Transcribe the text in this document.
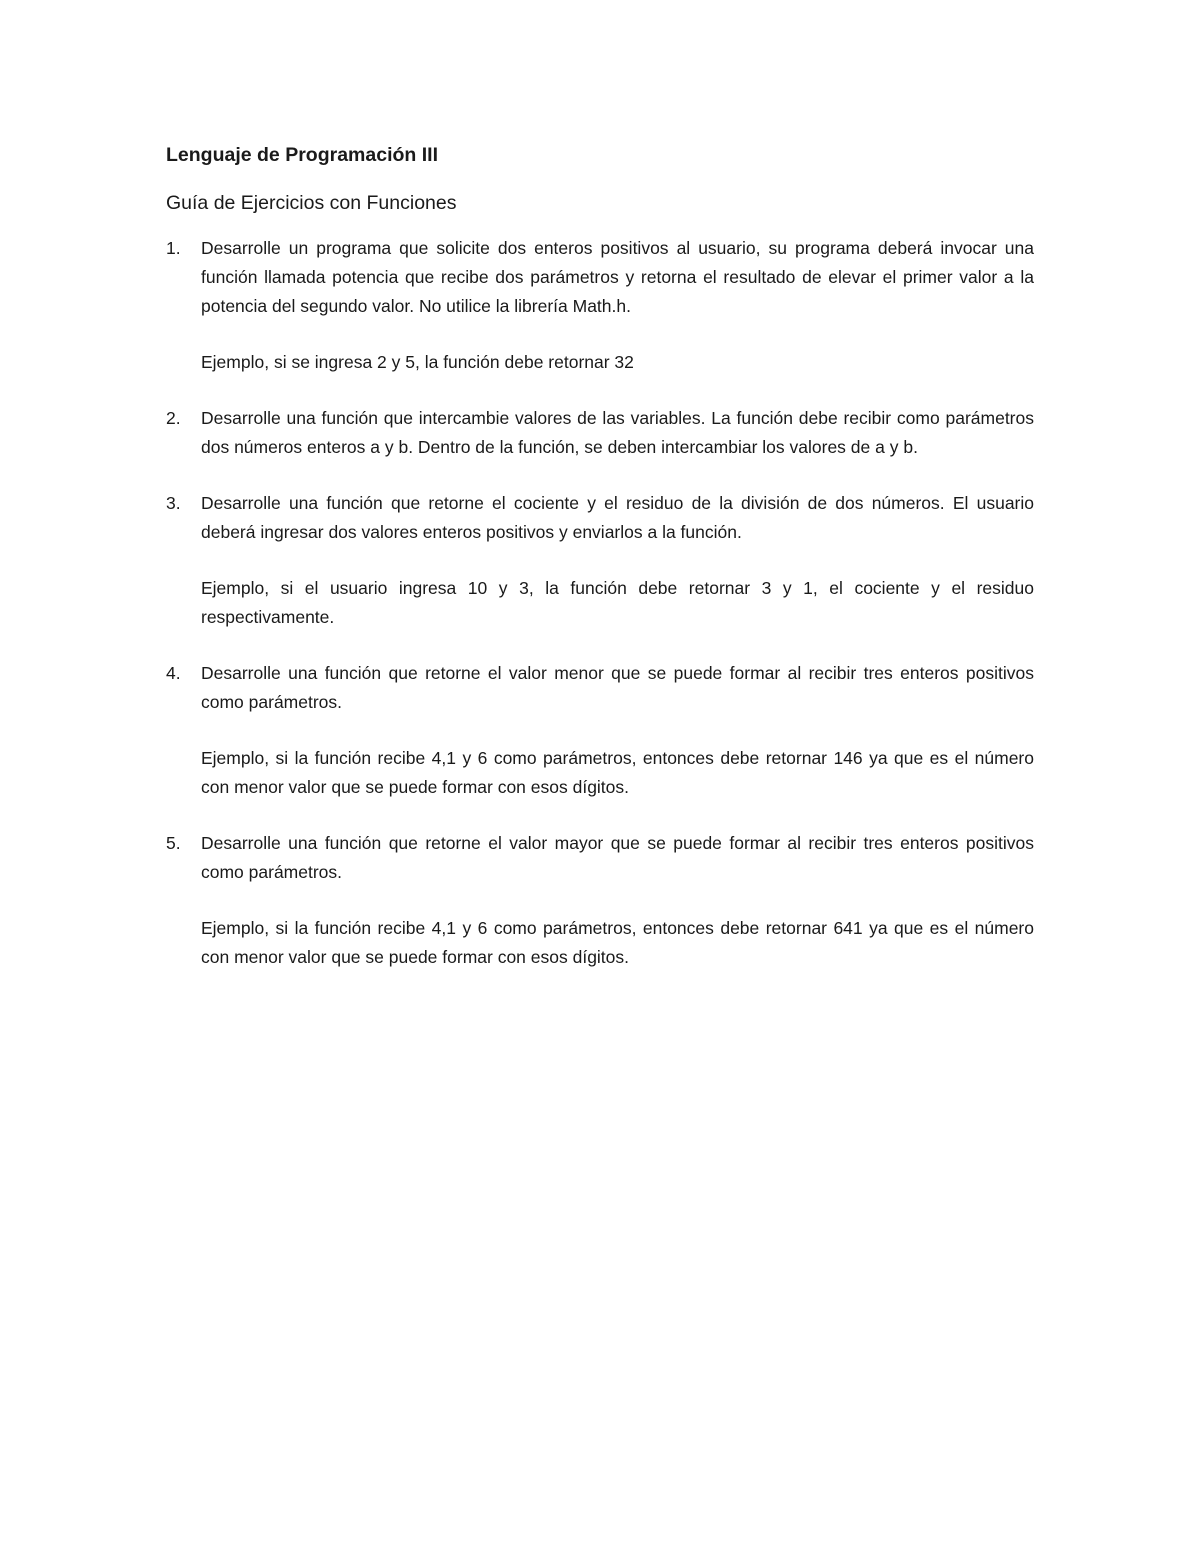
Lenguaje de Programación III
Guía de Ejercicios con Funciones
1. Desarrolle un programa que solicite dos enteros positivos al usuario, su programa deberá invocar una función llamada potencia que recibe dos parámetros y retorna el resultado de elevar el primer valor a la potencia del segundo valor. No utilice la librería Math.h.

Ejemplo, si se ingresa 2 y 5, la función debe retornar 32

2. Desarrolle una función que intercambie valores de las variables. La función debe recibir como parámetros dos números enteros a y b. Dentro de la función, se deben intercambiar los valores de a y b.

3. Desarrolle una función que retorne el cociente y el residuo de la división de dos números. El usuario deberá ingresar dos valores enteros positivos y enviarlos a la función.

Ejemplo, si el usuario ingresa 10 y 3, la función debe retornar 3 y 1, el cociente y el residuo respectivamente.

4. Desarrolle una función que retorne el valor menor que se puede formar al recibir tres enteros positivos como parámetros.

Ejemplo, si la función recibe 4,1 y 6 como parámetros, entonces debe retornar 146 ya que es el número con menor valor que se puede formar con esos dígitos.

5. Desarrolle una función que retorne el valor mayor que se puede formar al recibir tres enteros positivos como parámetros.

Ejemplo, si la función recibe 4,1 y 6 como parámetros, entonces debe retornar 641 ya que es el número con menor valor que se puede formar con esos dígitos.
